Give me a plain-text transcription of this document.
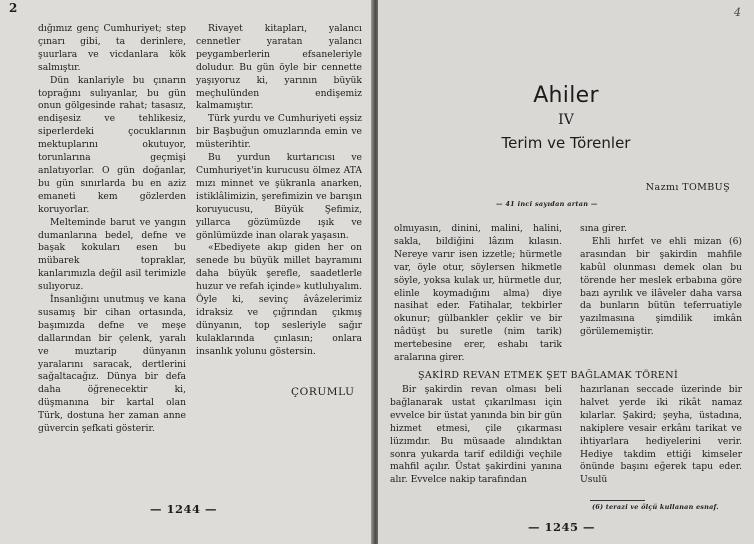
2

dığımız genç Cumhuriyet; step çınarı gibi, ta derinlere, şuurlara ve vicdanlara kök salmıştır.

Dün kanlariyle bu çınarın toprağını sulıyanlar, bu gün onun gölgesinde rahat; tasasız, endişesiz ve tehlikesiz, siperlerdeki çocuklarının mektuplarını okutuyor, torunlarına geçmişi anlatıyorlar. O gün doğanlar, bu gün sınırlarda bu en aziz emaneti kem gözlerden koruyorlar.

Melteminde barut ve yangın dumanlarına bedel, defne ve başak kokuları esen bu mübarek topraklar, kanlarımızla değil asil terimizle sulıyoruz.

İnsanlığını unutmuş ve kana susamış bir cihan ortasında, başımızda defne ve meşe dallarından bir çelenk, yaralı ve muztarip dünyanın yaralarını saracak, dertlerini sağaltacağız. Dünya bir defa daha öğrenecektir ki, düşmanına bir kartal olan Türk, dostuna her zaman anne güvercin şefkati gösterir.

Rivayet kitapları, yalancı cennetler yaratan yalancı peygamberlerin efsaneleriyle doludur. Bu gün öyle bir cennette yaşıyoruz ki, yarının büyük meçhulünden endişemiz kalmamıştır.

Türk yurdu ve Cumhuriyeti eşsiz bir Başbuğun omuzlarında emin ve müsterihtir.

Bu yurdun kurtarıcısı ve Cumhuriyet'in kurucusu ölmez ATA mızı minnet ve şükranla anarken, istiklâlimizin, şerefimizin ve barışın koruyucusu, Büyük Şefimiz, yıllarca gözümüzde ışık ve gönlümüzde inan olarak yaşasın.

«Ebediyete akıp giden her on senede bu büyük millet bayramını daha büyük şerefle, saadetlerle huzur ve refah içinde» kutlulıyalım. Öyle ki, sevinç âvâzelerimiz idraksiz ve çığrından çıkmış dünyanın, top sesleriyle sağır kulaklarında çınlasın; onlara insanlık yolunu göstersin.

ÇORUMLU
— 1244 —
4
Ahiler
IV
Terim ve Törenler
Nazmı TOMBUŞ
— 41 inci sayıdan artan —

olmıyasın, dinini, malini, halini, sakla, bildiğini lâzım kılasın. Nereye varır isen izzetle; hürmetle var, öyle otur, söylersen hikmetle söyle, yoksa kulak ur, hürmetle dur, elinle koymadığını alma) diye nasihat eder. Fatihalar, tekbirler okunur; gülbankler çeklir ve bir nâdüşt bu suretle (nim tarik) mertebesine erer, eshabı tarik aralarına girer.

sına girer.

Ehli hırfet ve ehli mizan (6) arasından bir şakirdin mahfile kabûl olunması demek olan bu törende her meslek erbabına göre bazı ayrılık ve ilâveler daha varsa da bunların bütün teferruatiyle yazılmasına şimdilik imkân görülememiştir.

ŞAKİRD REVAN ETMEK ŞET BAĞLAMAK TÖRENİ

Bir şakirdin revan olması beli bağlanarak ustat çıkarılması için evvelce bir üstat yanında bin bir gün hizmet etmesi, çile çıkarması lüzımdır. Bu müsaade alındıktan sonra yukarda tarif edildiği veçhile mahfil açılır. Üstat şakirdini yanına alır. Evvelce nakip tarafından

hazırlanan seccade üzerinde bir halvet yerde iki rikât namaz kılarlar. Şakird; şeyha, üstadına, nakiplere vesair erkânı tarikat ve ihtiyarlara hediyelerini verir. Hediye takdim ettiği kimseler önünde başını eğerek tapu eder. Usulü

(6) terazi ve ölçü kullanan esnaf.
— 1245 —
